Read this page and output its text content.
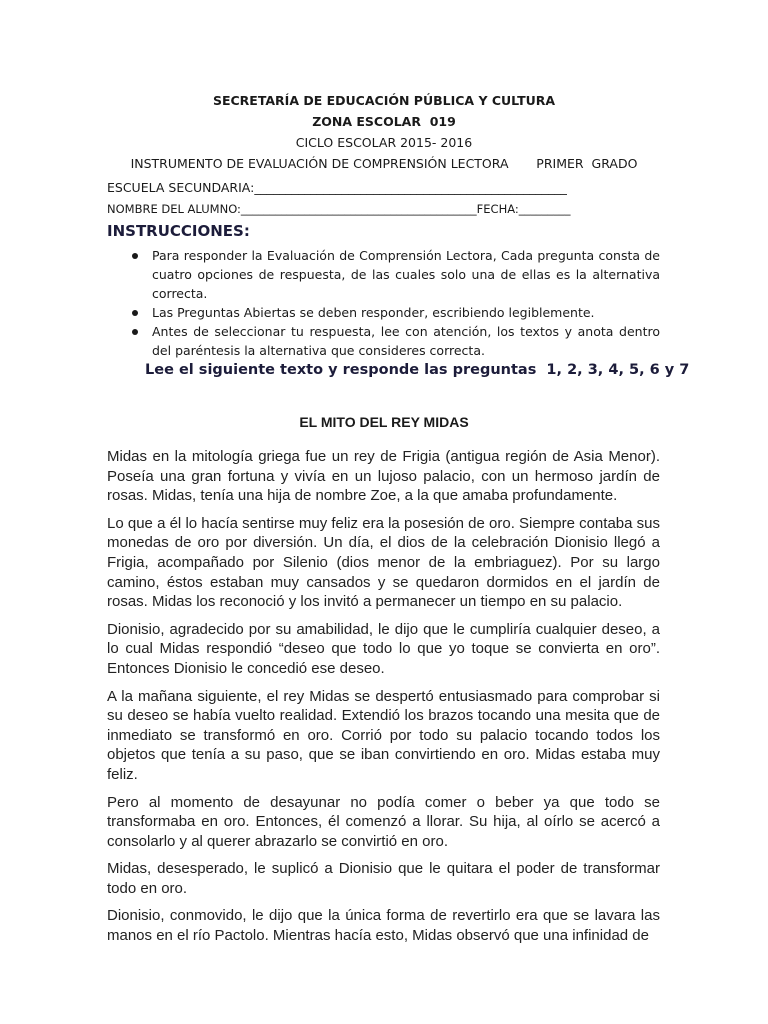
SECRETARÍA DE EDUCACIÓN PÚBLICA Y CULTURA
ZONA ESCOLAR  019
CICLO ESCOLAR 2015- 2016
INSTRUMENTO DE EVALUACIÓN DE COMPRENSIÓN LECTORA       PRIMER  GRADO
ESCUELA SECUNDARIA:__________________________________________________
NOMBRE DEL ALUMNO:_________________________________________FECHA:_________
INSTRUCCIONES:
Para responder la Evaluación de Comprensión Lectora, Cada pregunta consta de cuatro opciones de respuesta, de las cuales solo una de ellas es la alternativa correcta.
Las Preguntas Abiertas se deben responder, escribiendo legiblemente.
Antes de seleccionar tu respuesta, lee con atención, los textos y anota dentro del paréntesis la alternativa que consideres correcta.
Lee el siguiente texto y responde las preguntas  1, 2, 3, 4, 5, 6 y 7
EL MITO DEL REY MIDAS

Midas en la mitología griega fue un rey de Frigia (antigua región de Asia Menor). Poseía una gran fortuna y vivía en un lujoso palacio, con un hermoso jardín de rosas. Midas, tenía una hija de nombre Zoe, a la que amaba profundamente.

Lo que a él lo hacía sentirse muy feliz era la posesión de oro. Siempre contaba sus monedas de oro por diversión. Un día, el dios de la celebración Dionisio llegó a Frigia, acompañado por Silenio (dios menor de la embriaguez). Por su largo camino, éstos estaban muy cansados y se quedaron dormidos en el jardín de rosas. Midas los reconoció y los invitó a permanecer un tiempo en su palacio.

Dionisio, agradecido por su amabilidad, le dijo que le cumpliría cualquier deseo, a lo cual Midas respondió “deseo que todo lo que yo toque se convierta en oro”. Entonces Dionisio le concedió ese deseo.

A la mañana siguiente, el rey Midas se despertó entusiasmado para comprobar si su deseo se había vuelto realidad. Extendió los brazos tocando una mesita que de inmediato se transformó en oro. Corrió por todo su palacio tocando todos los objetos que tenía a su paso, que se iban convirtiendo en oro. Midas estaba muy feliz.

Pero al momento de desayunar no podía comer o beber ya que todo se transformaba en oro. Entonces, él comenzó a llorar. Su hija, al oírlo se acercó a consolarlo y al querer abrazarlo se convirtió en oro.

Midas, desesperado, le suplicó a Dionisio que le quitara el poder de transformar todo en oro.

Dionisio, conmovido, le dijo que la única forma de revertirlo era que se lavara las manos en el río Pactolo. Mientras hacía esto, Midas observó que una infinidad de
